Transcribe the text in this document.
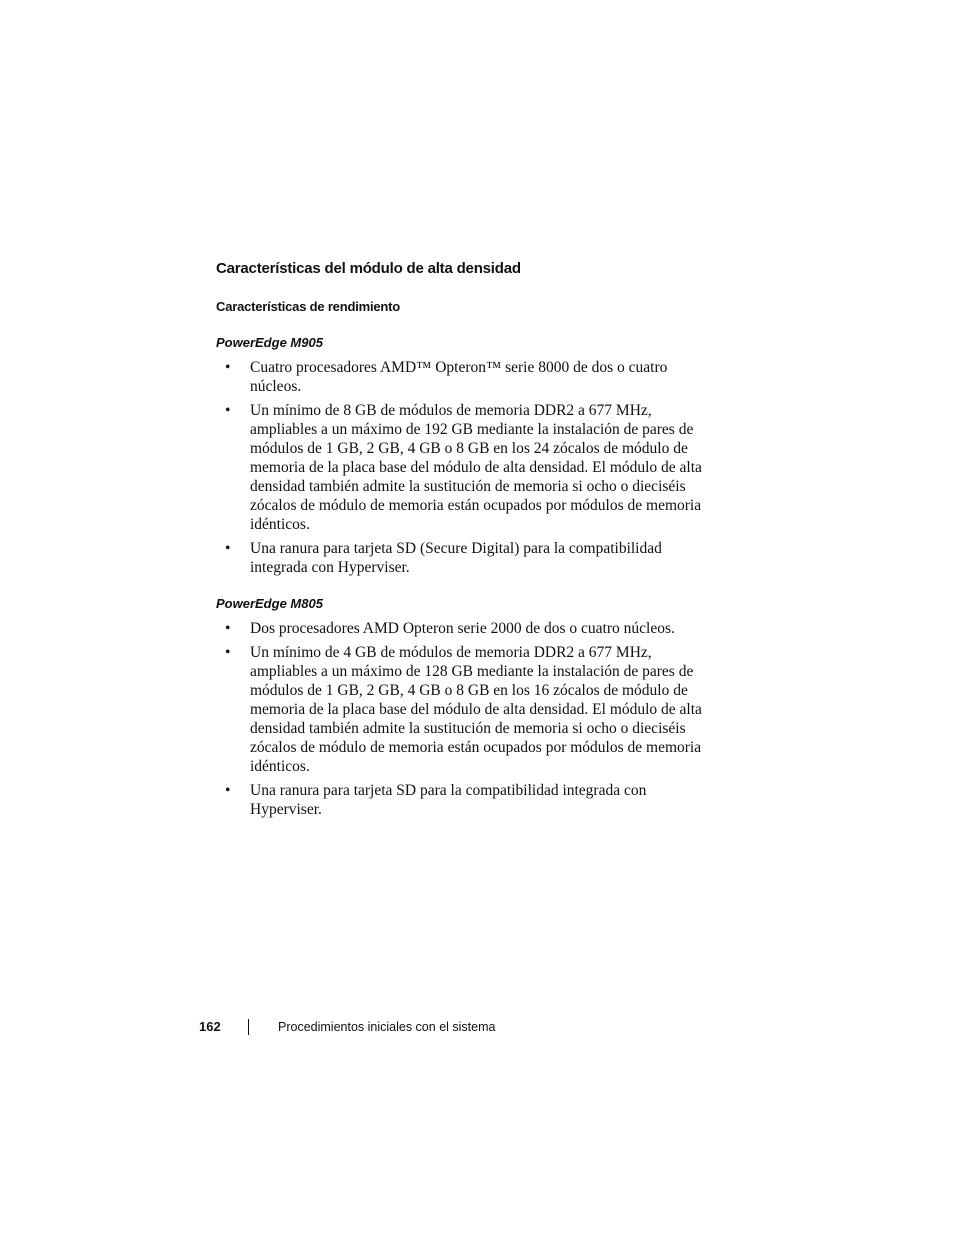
Características del módulo de alta densidad
Características de rendimiento
PowerEdge M905
• Cuatro procesadores AMD™ Opteron™ serie 8000 de dos o cuatro núcleos.
• Un mínimo de 8 GB de módulos de memoria DDR2 a 677 MHz, ampliables a un máximo de 192 GB mediante la instalación de pares de módulos de 1 GB, 2 GB, 4 GB o 8 GB en los 24 zócalos de módulo de memoria de la placa base del módulo de alta densidad. El módulo de alta densidad también admite la sustitución de memoria si ocho o dieciséis zócalos de módulo de memoria están ocupados por módulos de memoria idénticos.
• Una ranura para tarjeta SD (Secure Digital) para la compatibilidad integrada con Hyperviser.
PowerEdge M805
• Dos procesadores AMD Opteron serie 2000 de dos o cuatro núcleos.
• Un mínimo de 4 GB de módulos de memoria DDR2 a 677 MHz, ampliables a un máximo de 128 GB mediante la instalación de pares de módulos de 1 GB, 2 GB, 4 GB o 8 GB en los 16 zócalos de módulo de memoria de la placa base del módulo de alta densidad. El módulo de alta densidad también admite la sustitución de memoria si ocho o dieciséis zócalos de módulo de memoria están ocupados por módulos de memoria idénticos.
• Una ranura para tarjeta SD para la compatibilidad integrada con Hyperviser.
162	Procedimientos iniciales con el sistema
